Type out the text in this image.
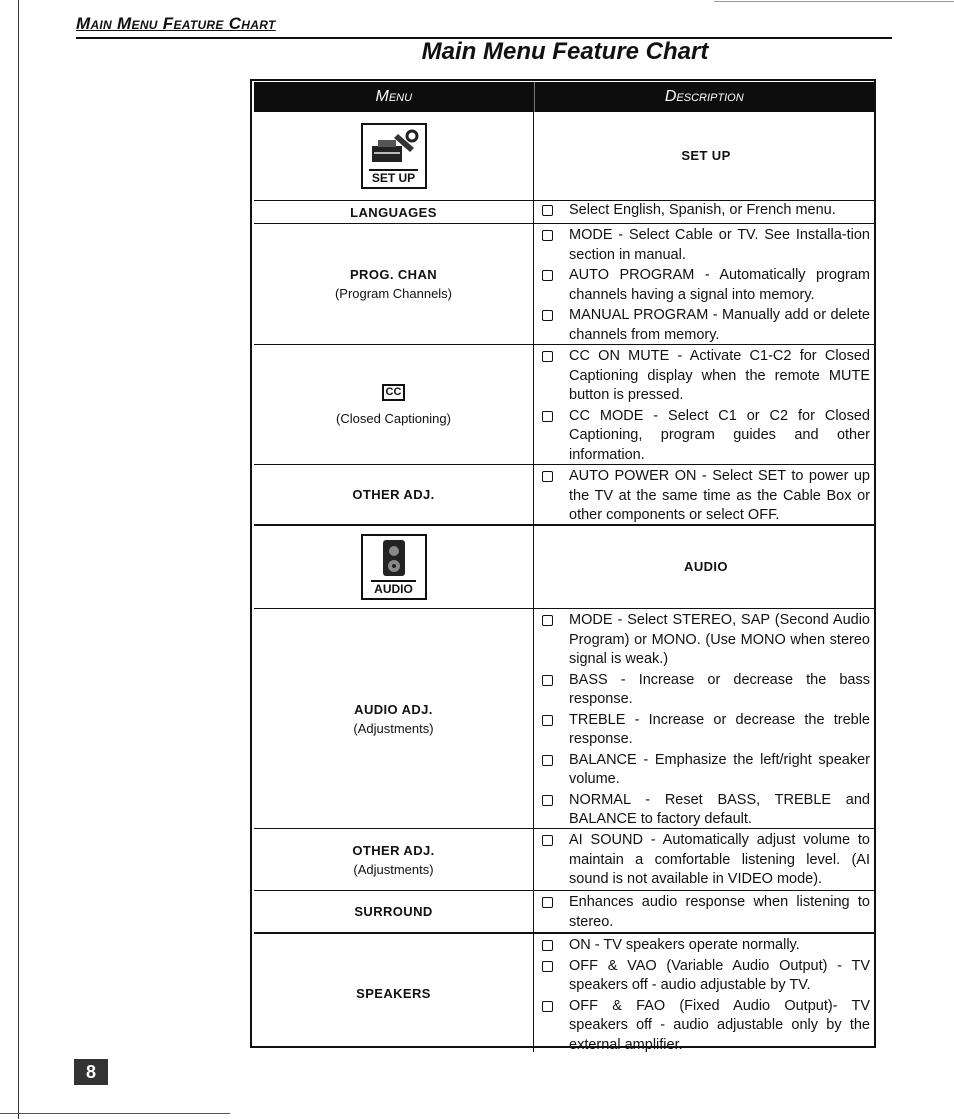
Main Menu Feature Chart
Main Menu Feature Chart
Menu	Description
SET UP
SET UP
LANGUAGES	Select English, Spanish, or French menu.
PROG. CHAN
(Program Channels)
MODE - Select Cable or TV. See Installa-tion section in manual.
AUTO PROGRAM - Automatically program channels having a signal into memory.
MANUAL PROGRAM - Manually add or delete channels from memory.
CC
(Closed Captioning)
CC ON MUTE - Activate C1-C2 for Closed Captioning display when the remote MUTE button is pressed.
CC MODE - Select C1 or C2 for Closed Captioning, program guides and other information.
OTHER ADJ.
AUTO POWER ON - Select SET to power up the TV at the same time as the Cable Box or other components or select OFF.
AUDIO
AUDIO
AUDIO ADJ.
(Adjustments)
MODE - Select STEREO, SAP (Second Audio Program) or MONO. (Use MONO when stereo signal is weak.)
BASS - Increase or decrease the bass response.
TREBLE - Increase or decrease the treble response.
BALANCE - Emphasize the left/right speaker volume.
NORMAL - Reset BASS, TREBLE and BALANCE to factory default.
OTHER ADJ.
(Adjustments)
AI SOUND - Automatically adjust volume to maintain a comfortable listening level. (AI sound is not available in VIDEO mode).
SURROUND
Enhances audio response when listening to stereo.
SPEAKERS
ON - TV speakers operate normally.
OFF & VAO (Variable Audio Output) - TV speakers off - audio adjustable by TV.
OFF & FAO (Fixed Audio Output)- TV speakers off - audio adjustable only by the external amplifier.
8
